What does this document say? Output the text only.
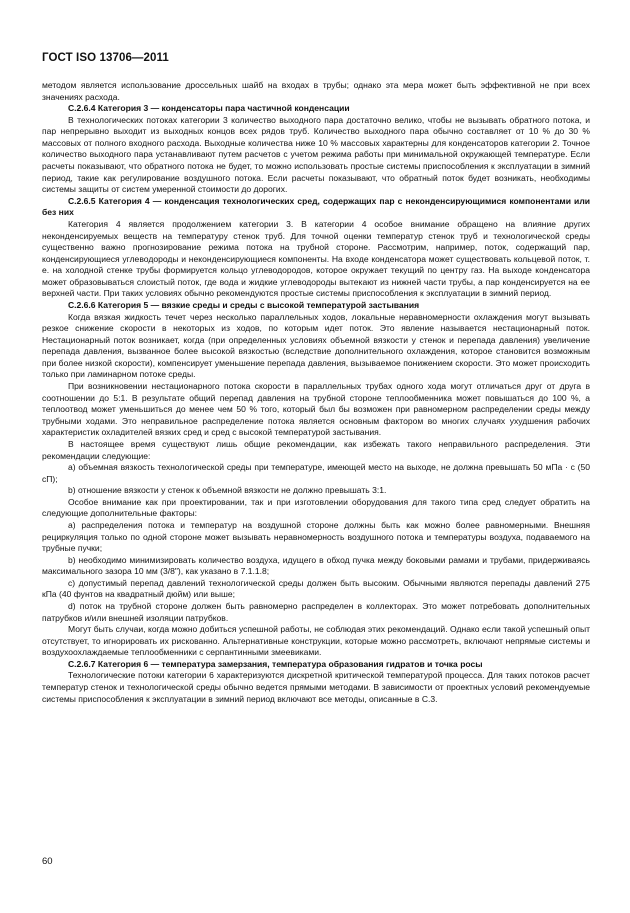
ГОСТ ISO 13706—2011

методом является использование дроссельных шайб на входах в трубы; однако эта мера может быть эффективной не при всех значениях расхода.

C.2.6.4 Категория 3 — конденсаторы пара частичной конденсации

В технологических потоках категории 3 количество выходного пара достаточно велико, чтобы не вызывать обратного потока, и пар непрерывно выходит из выходных концов всех рядов труб. Количество выходного пара обычно составляет от 10 % до 30 % массовых от полного входного расхода. Выходные количества ниже 10 % массовых характерны для конденсаторов категории 2. Точное количество выходного пара устанавливают путем расчетов с учетом режима работы при минимальной окружающей температуре. Если расчеты показывают, что обратного потока не будет, то можно использовать простые системы приспособления к эксплуатации в зимний период, такие как регулирование воздушного потока. Если расчеты показывают, что обратный поток будет возникать, необходимы системы защиты от систем умеренной стоимости до дорогих.

C.2.6.5 Категория 4 — конденсация технологических сред, содержащих пар с неконденсирующимися компонентами или без них

Категория 4 является продолжением категории 3. В категории 4 особое внимание обращено на влияние других неконденсируемых веществ на температуру стенок труб. Для точной оценки температур стенок труб и технологической среды существенно важно прогнозирование режима потока на трубной стороне. Рассмотрим, например, поток, содержащий пар, конденсирующиеся углеводороды и неконденсирующиеся компоненты. На входе конденсатора может существовать кольцевой поток, т. е. на холодной стенке трубы формируется кольцо углеводородов, которое окружает текущий по центру газ. На выходе конденсатора может образовываться слоистый поток, где вода и жидкие углеводороды вытекают из нижней части трубы, а пар конденсируется на ее верхней части. При таких условиях обычно рекомендуются простые системы приспособления к эксплуатации в зимний период.

C.2.6.6 Категория 5 — вязкие среды и среды с высокой температурой застывания

Когда вязкая жидкость течет через несколько параллельных ходов, локальные неравномерности охлаждения могут вызывать резкое снижение скорости в некоторых из ходов, по которым идет поток. Это явление называется нестационарный поток. Нестационарный поток возникает, когда (при определенных условиях объемной вязкости у стенок и перепада давления) увеличение перепада давления, вызванное более высокой вязкостью (вследствие дополнительного охлаждения, которое становится возможным при более низкой скорости), компенсирует уменьшение перепада давления, вызываемое понижением скорости. Это может происходить только при ламинарном потоке среды.

При возникновении нестационарного потока скорости в параллельных трубах одного хода могут отличаться друг от друга в соотношении до 5:1. В результате общий перепад давления на трубной стороне теплообменника может повышаться до 100 %, а теплоотвод может уменьшиться до менее чем 50 % того, который был бы возможен при равномерном распределении среды между трубными ходами. Это неправильное распределение потока является основным фактором во многих случаях ухудшения рабочих характеристик охладителей вязких сред и сред с высокой температурой застывания.

В настоящее время существуют лишь общие рекомендации, как избежать такого неправильного распределения. Эти рекомендации следующие:

a) объемная вязкость технологической среды при температуре, имеющей место на выходе, не должна превышать 50 мПа · с (50 сП);

b) отношение вязкости у стенок к объемной вязкости не должно превышать 3:1.

Особое внимание как при проектировании, так и при изготовлении оборудования для такого типа сред следует обратить на следующие дополнительные факторы:

a) распределения потока и температур на воздушной стороне должны быть как можно более равномерными. Внешняя рециркуляция только по одной стороне может вызывать неравномерность воздушного потока и температуры воздуха, подаваемого на трубные пучки;

b) необходимо минимизировать количество воздуха, идущего в обход пучка между боковыми рамами и трубами, придерживаясь максимального зазора 10 мм (3/8"), как указано в 7.1.1.8;

c) допустимый перепад давлений технологической среды должен быть высоким. Обычными являются перепады давлений 275 кПа (40 фунтов на квадратный дюйм) или выше;

d) поток на трубной стороне должен быть равномерно распределен в коллекторах. Это может потребовать дополнительных патрубков и/или внешней изоляции патрубков.

Могут быть случаи, когда можно добиться успешной работы, не соблюдая этих рекомендаций. Однако если такой успешный опыт отсутствует, то игнорировать их рискованно. Альтернативные конструкции, которые можно рассмотреть, включают непрямые системы и воздухоохлаждаемые теплообменники с серпантинными змеевиками.

C.2.6.7 Категория 6 — температура замерзания, температура образования гидратов и точка росы

Технологические потоки категории 6 характеризуются дискретной критической температурой процесса. Для таких потоков расчет температур стенок и технологической среды обычно ведется прямыми методами. В зависимости от проектных условий рекомендуемые системы приспособления к эксплуатации в зимний период включают все методы, описанные в C.3.

60
